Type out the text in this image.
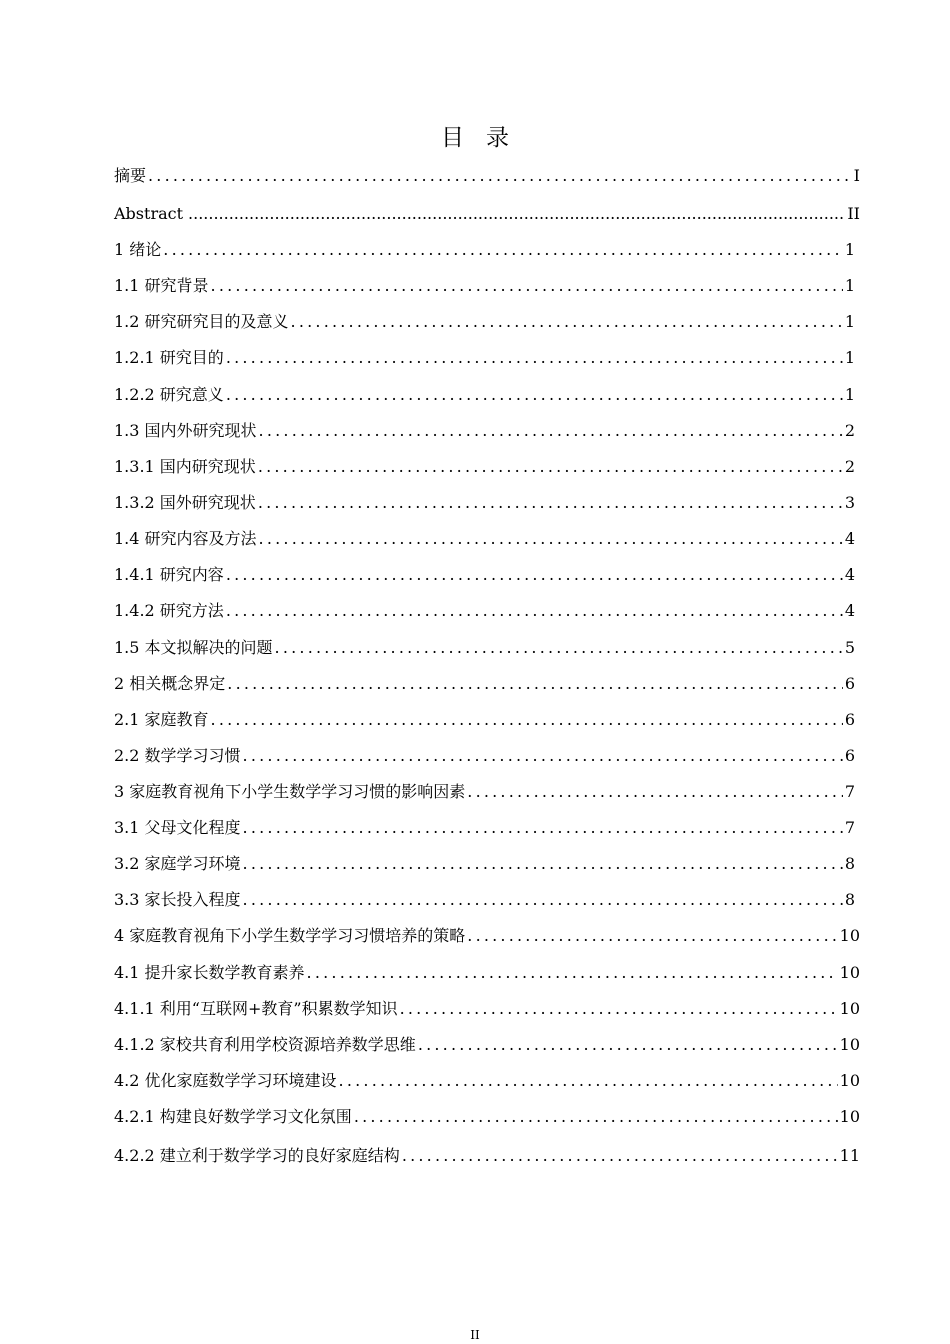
目录
摘要 .....	I
Abstract .....	II
1 绪论 .....	1
1.1 研究背景 .....	1
1.2 研究研究目的及意义 .....	1
1.2.1 研究目的 .....	1
1.2.2 研究意义 .....	1
1.3 国内外研究现状 .....	2
1.3.1 国内研究现状 .....	2
1.3.2 国外研究现状 .....	3
1.4 研究内容及方法 .....	4
1.4.1 研究内容 .....	4
1.4.2 研究方法 .....	4
1.5 本文拟解决的问题 .....	5
2 相关概念界定 .....	6
2.1 家庭教育 .....	6
2.2 数学学习习惯 .....	6
3 家庭教育视角下小学生数学学习习惯的影响因素 .....	7
3.1 父母文化程度 .....	7
3.2 家庭学习环境 .....	8
3.3 家长投入程度 .....	8
4 家庭教育视角下小学生数学学习习惯培养的策略 .....	10
4.1 提升家长数学教育素养 .....	10
4.1.1 利用“互联网+教育”积累数学知识 .....	10
4.1.2 家校共育利用学校资源培养数学思维 .....	10
4.2 优化家庭数学学习环境建设 .....	10
4.2.1 构建良好数学学习文化氛围 .....	10
4.2.2 建立利于数学学习的良好家庭结构 .....	11
II
